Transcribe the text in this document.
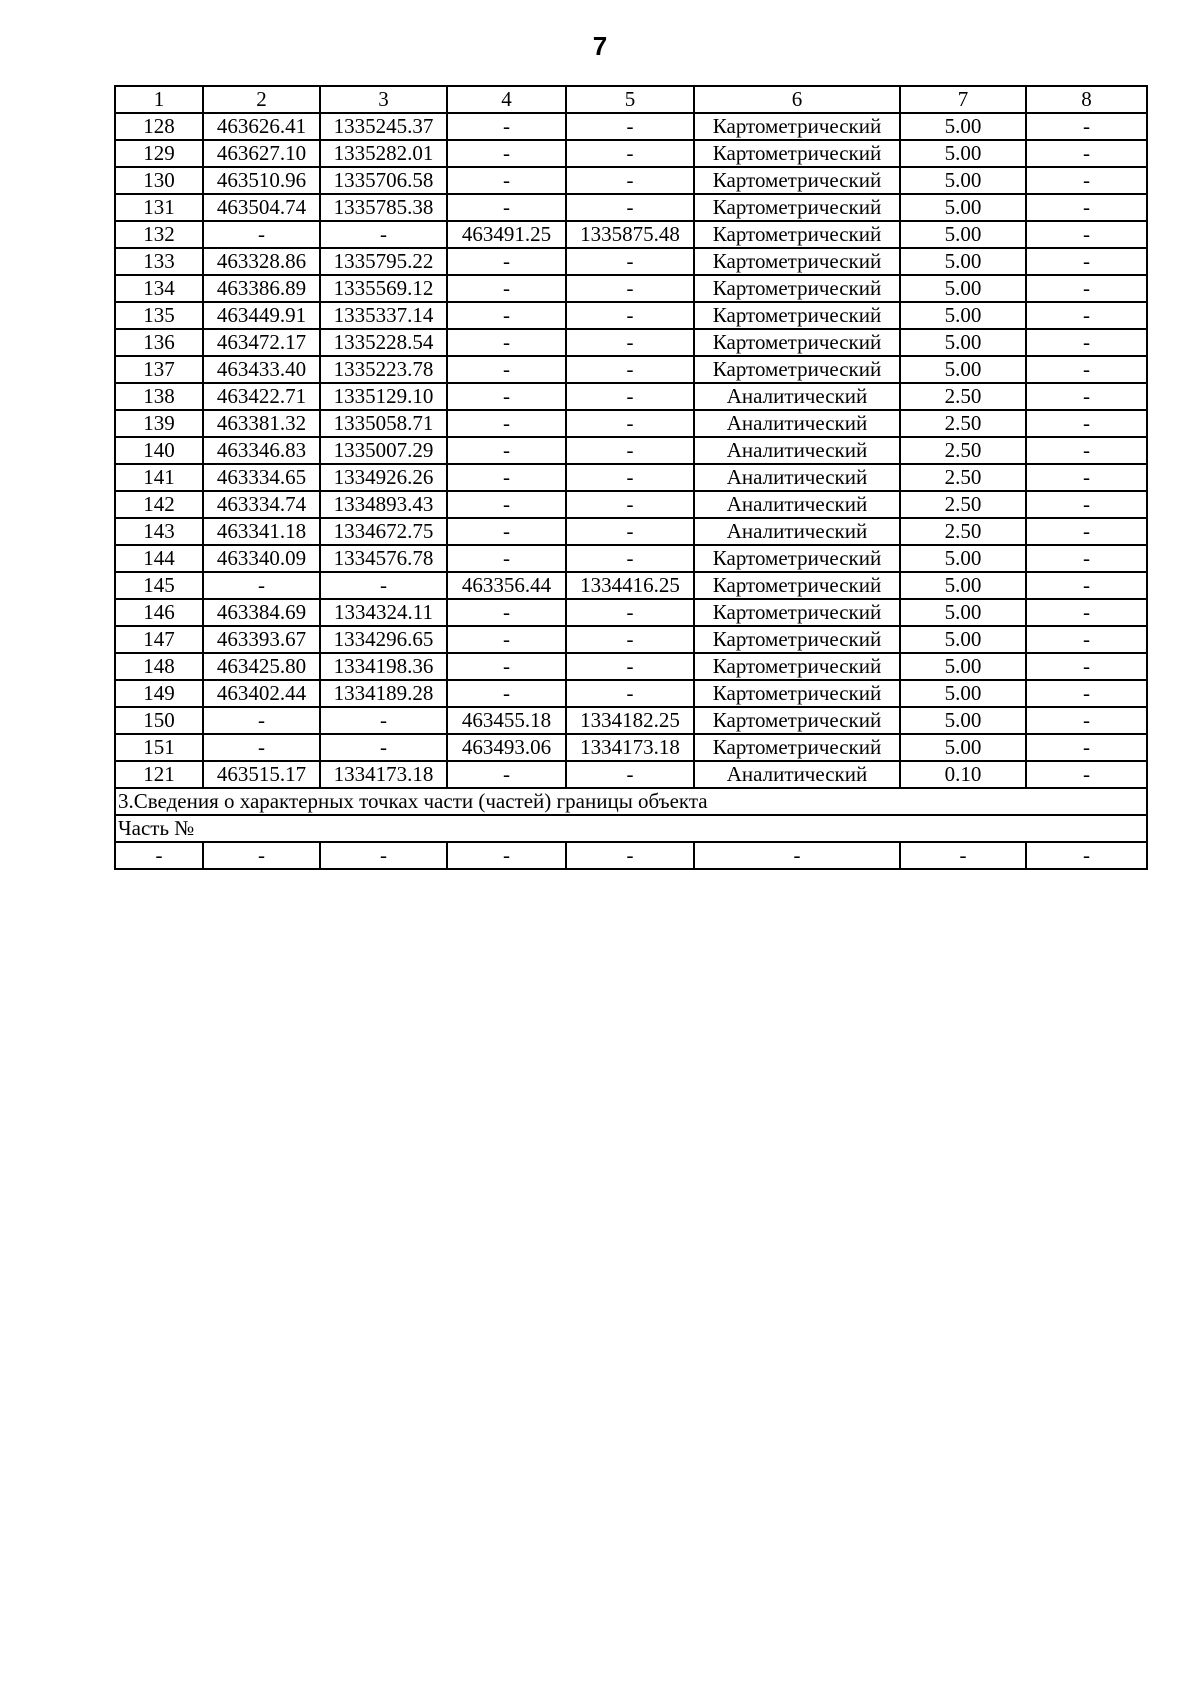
7
1	2	3	4	5	6	7	8
128	463626.41	1335245.37	-	-	Картометрический	5.00	-
129	463627.10	1335282.01	-	-	Картометрический	5.00	-
130	463510.96	1335706.58	-	-	Картометрический	5.00	-
131	463504.74	1335785.38	-	-	Картометрический	5.00	-
132	-	-	463491.25	1335875.48	Картометрический	5.00	-
133	463328.86	1335795.22	-	-	Картометрический	5.00	-
134	463386.89	1335569.12	-	-	Картометрический	5.00	-
135	463449.91	1335337.14	-	-	Картометрический	5.00	-
136	463472.17	1335228.54	-	-	Картометрический	5.00	-
137	463433.40	1335223.78	-	-	Картометрический	5.00	-
138	463422.71	1335129.10	-	-	Аналитический	2.50	-
139	463381.32	1335058.71	-	-	Аналитический	2.50	-
140	463346.83	1335007.29	-	-	Аналитический	2.50	-
141	463334.65	1334926.26	-	-	Аналитический	2.50	-
142	463334.74	1334893.43	-	-	Аналитический	2.50	-
143	463341.18	1334672.75	-	-	Аналитический	2.50	-
144	463340.09	1334576.78	-	-	Картометрический	5.00	-
145	-	-	463356.44	1334416.25	Картометрический	5.00	-
146	463384.69	1334324.11	-	-	Картометрический	5.00	-
147	463393.67	1334296.65	-	-	Картометрический	5.00	-
148	463425.80	1334198.36	-	-	Картометрический	5.00	-
149	463402.44	1334189.28	-	-	Картометрический	5.00	-
150	-	-	463455.18	1334182.25	Картометрический	5.00	-
151	-	-	463493.06	1334173.18	Картометрический	5.00	-
121	463515.17	1334173.18	-	-	Аналитический	0.10	-
3.Сведения о характерных точках части (частей) границы объекта							
Часть №							
-	-	-	-	-	-	-	-
